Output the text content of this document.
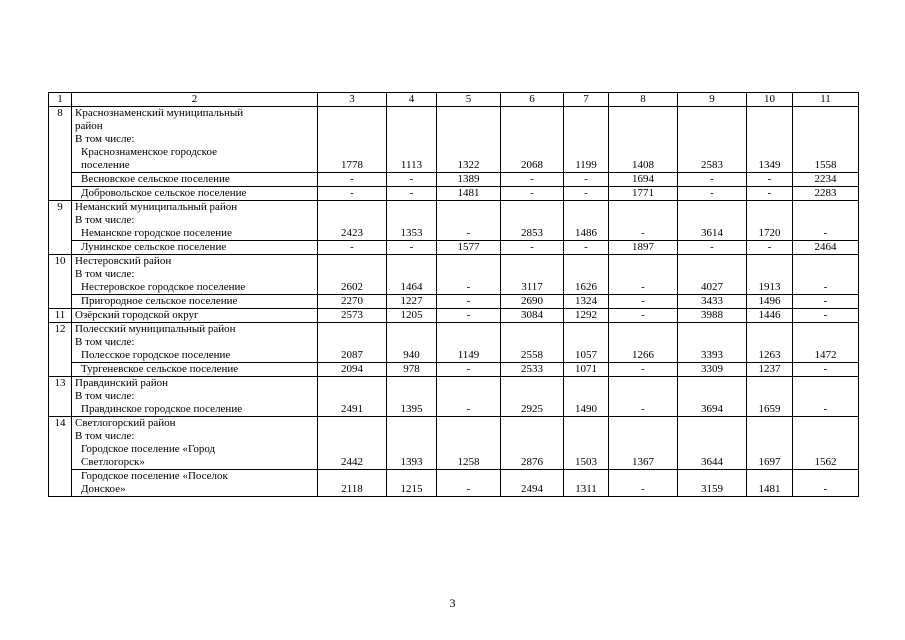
1	2	3	4	5	6	7	8	9	10	11
8	Краснознаменский муниципальный
район
В том числе:
Краснознаменское городское
поселение	1778	1113	1322	2068	1199	1408	2583	1349	1558

	Весновское сельское поселение	-	-	1389	-	-	1694	-	-	2234

	Добровольское сельское поселение	-	-	1481	-	-	1771	-	-	2283
9	Неманский муниципальный район
В том числе:
Неманское городское поселение	2423	1353	-	2853	1486	-	3614	1720	-

	Лунинское сельское поселение	-	-	1577	-	-	1897	-	-	2464
10	Нестеровский район
В том числе:
Нестеровское городское поселение	2602	1464	-	3117	1626	-	4027	1913	-

	Пригородное сельское поселение	2270	1227	-	2690	1324	-	3433	1496	-
11	Озёрский городской округ	2573	1205	-	3084	1292	-	3988	1446	-
12	Полесский муниципальный район
В том числе:
Полесское городское поселение	2087	940	1149	2558	1057	1266	3393	1263	1472

	Тургеневское сельское поселение	2094	978	-	2533	1071	-	3309	1237	-
13	Правдинский район
В том числе:
Правдинское городское поселение	2491	1395	-	2925	1490	-	3694	1659	-
14	Светлогорский район
В том числе:
Городское поселение «Город
Светлогорск»	2442	1393	1258	2876	1503	1367	3644	1697	1562

	Городское поселение «Поселок
Донское»	2118	1215	-	2494	1311	-	3159	1481	-
3
